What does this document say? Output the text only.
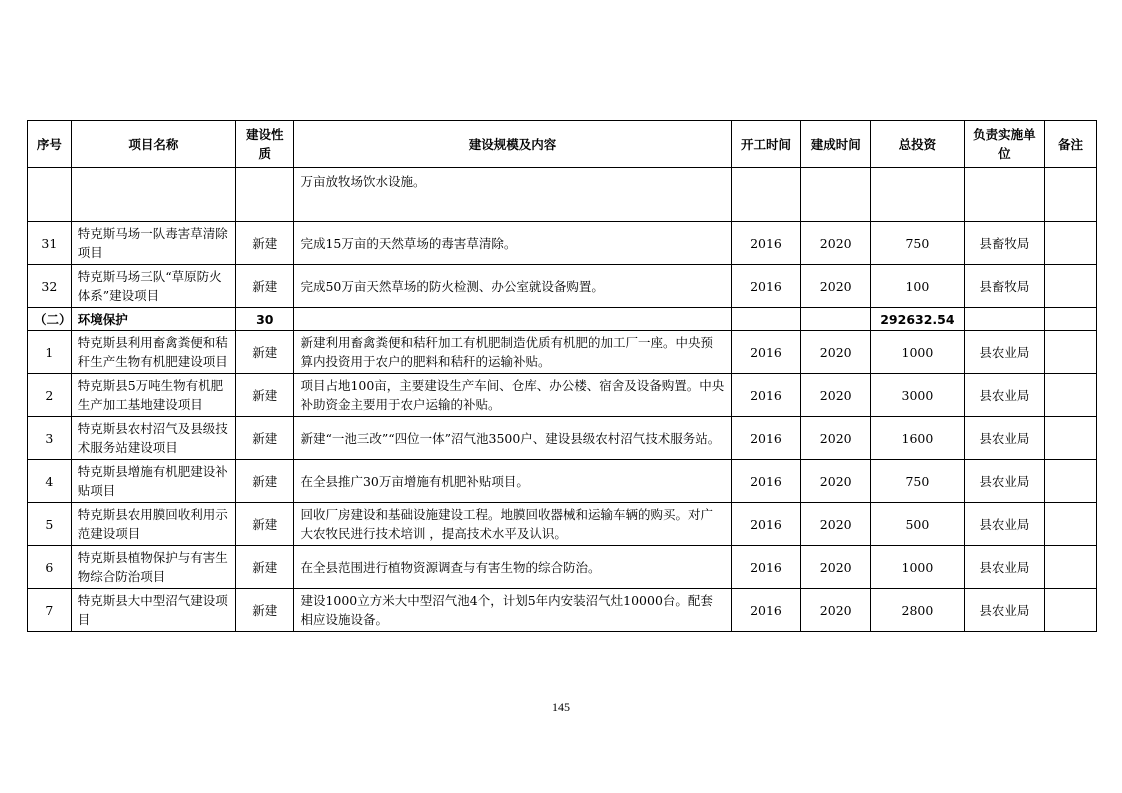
序号	项目名称	建设性质	建设规模及内容	开工时间	建成时间	总投资	负责实施单位	备注
			万亩放牧场饮水设施。					
31	特克斯马场一队毒害草清除项目	新建	完成15万亩的天然草场的毒害草清除。	2016	2020	750	县畜牧局	
32	特克斯马场三队“草原防火体系”建设项目	新建	完成50万亩天然草场的防火检测、办公室就设备购置。	2016	2020	100	县畜牧局	
（二）	环境保护	30				292632.54		
1	特克斯县利用畜禽粪便和秸秆生产生物有机肥建设项目	新建	新建利用畜禽粪便和秸秆加工有机肥制造优质有机肥的加工厂一座。中央预算内投资用于农户的肥料和秸秆的运输补贴。	2016	2020	1000	县农业局	
2	特克斯县5万吨生物有机肥生产加工基地建设项目	新建	项目占地100亩，主要建设生产车间、仓库、办公楼、宿舍及设备购置。中央补助资金主要用于农户运输的补贴。	2016	2020	3000	县农业局	
3	特克斯县农村沼气及县级技术服务站建设项目	新建	新建“一池三改”“四位一体”沼气池3500户、建设县级农村沼气技术服务站。	2016	2020	1600	县农业局	
4	特克斯县增施有机肥建设补贴项目	新建	在全县推广30万亩增施有机肥补贴项目。	2016	2020	750	县农业局	
5	特克斯县农用膜回收利用示范建设项目	新建	回收厂房建设和基础设施建设工程。地膜回收器械和运输车辆的购买。对广大农牧民进行技术培训 ，提高技术水平及认识。	2016	2020	500	县农业局	
6	特克斯县植物保护与有害生物综合防治项目	新建	在全县范围进行植物资源调查与有害生物的综合防治。	2016	2020	1000	县农业局	
7	特克斯县大中型沼气建设项目	新建	建设1000立方米大中型沼气池4个，计划5年内安装沼气灶10000台。配套相应设施设备。	2016	2020	2800	县农业局	
145
